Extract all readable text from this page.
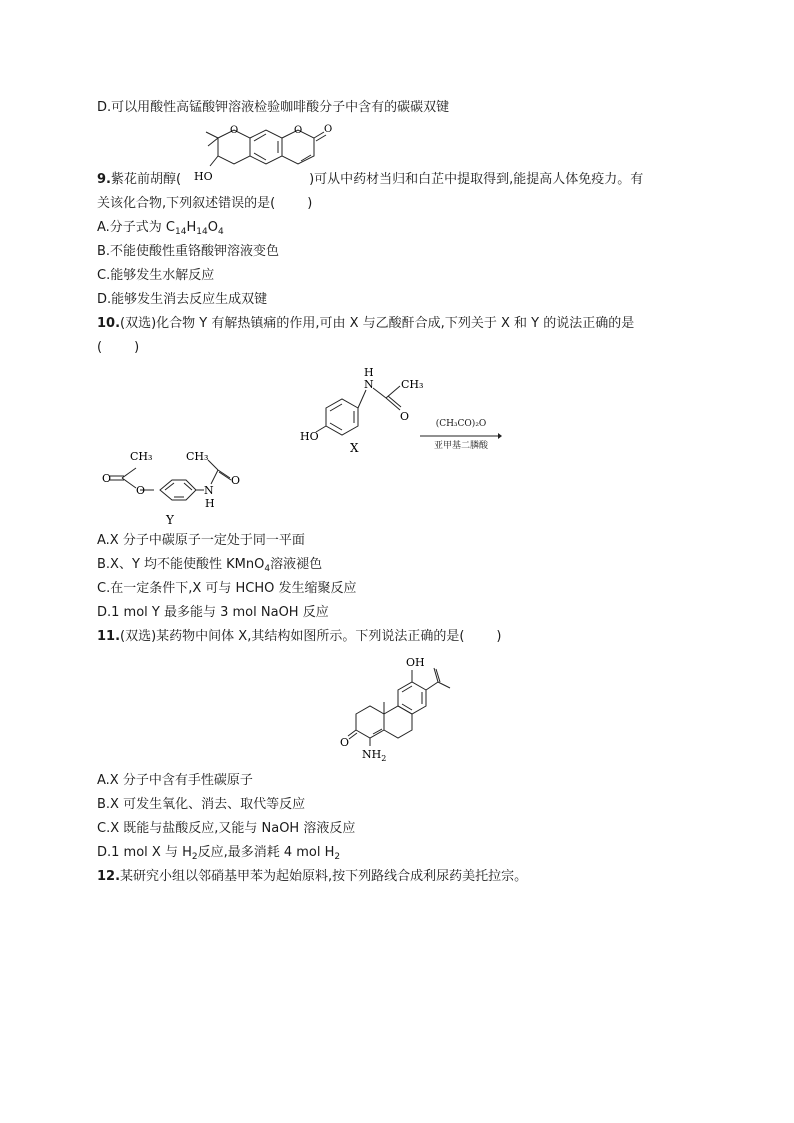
D.可以用酸性高锰酸钾溶液检验咖啡酸分子中含有的碳碳双键
O	O O
HO
9.紫花前胡醇(	)可从中药材当归和白芷中提取得到,能提高人体免疫力。有
关该化合物,下列叙述错误的是( )
A.分子式为 $C_{14}H_{14}O_4$
B.不能使酸性重铬酸钾溶液变色
C.能够发生水解反应
D.能够发生消去反应生成双键
10.(双选)化合物 Y 有解热镇痛的作用,可由 X 与乙酸酐合成,下列关于 X 和 Y 的说法正确的是
( )
HO
N
H
O
CH₃
X
(CH₃CO)₂O
亚甲基二膦酸
CH₃
O
O	N
H
CH₃
O
Y
A.X 分子中碳原子一定处于同一平面
B.X、Y 均不能使酸性 KMnO$_4$溶液褪色
C.在一定条件下,X 可与 HCHO 发生缩聚反应
D.1 mol Y 最多能与 3 mol NaOH 反应
11.(双选)某药物中间体 X,其结构如图所示。下列说法正确的是( )
OH
O
$NH_2$
A.X 分子中含有手性碳原子
B.X 可发生氧化、消去、取代等反应
C.X 既能与盐酸反应,又能与 NaOH 溶液反应
D.1 mol X 与 $H_2$反应,最多消耗 4 mol $H_2$
12.某研究小组以邻硝基甲苯为起始原料,按下列路线合成利尿药美托拉宗。
